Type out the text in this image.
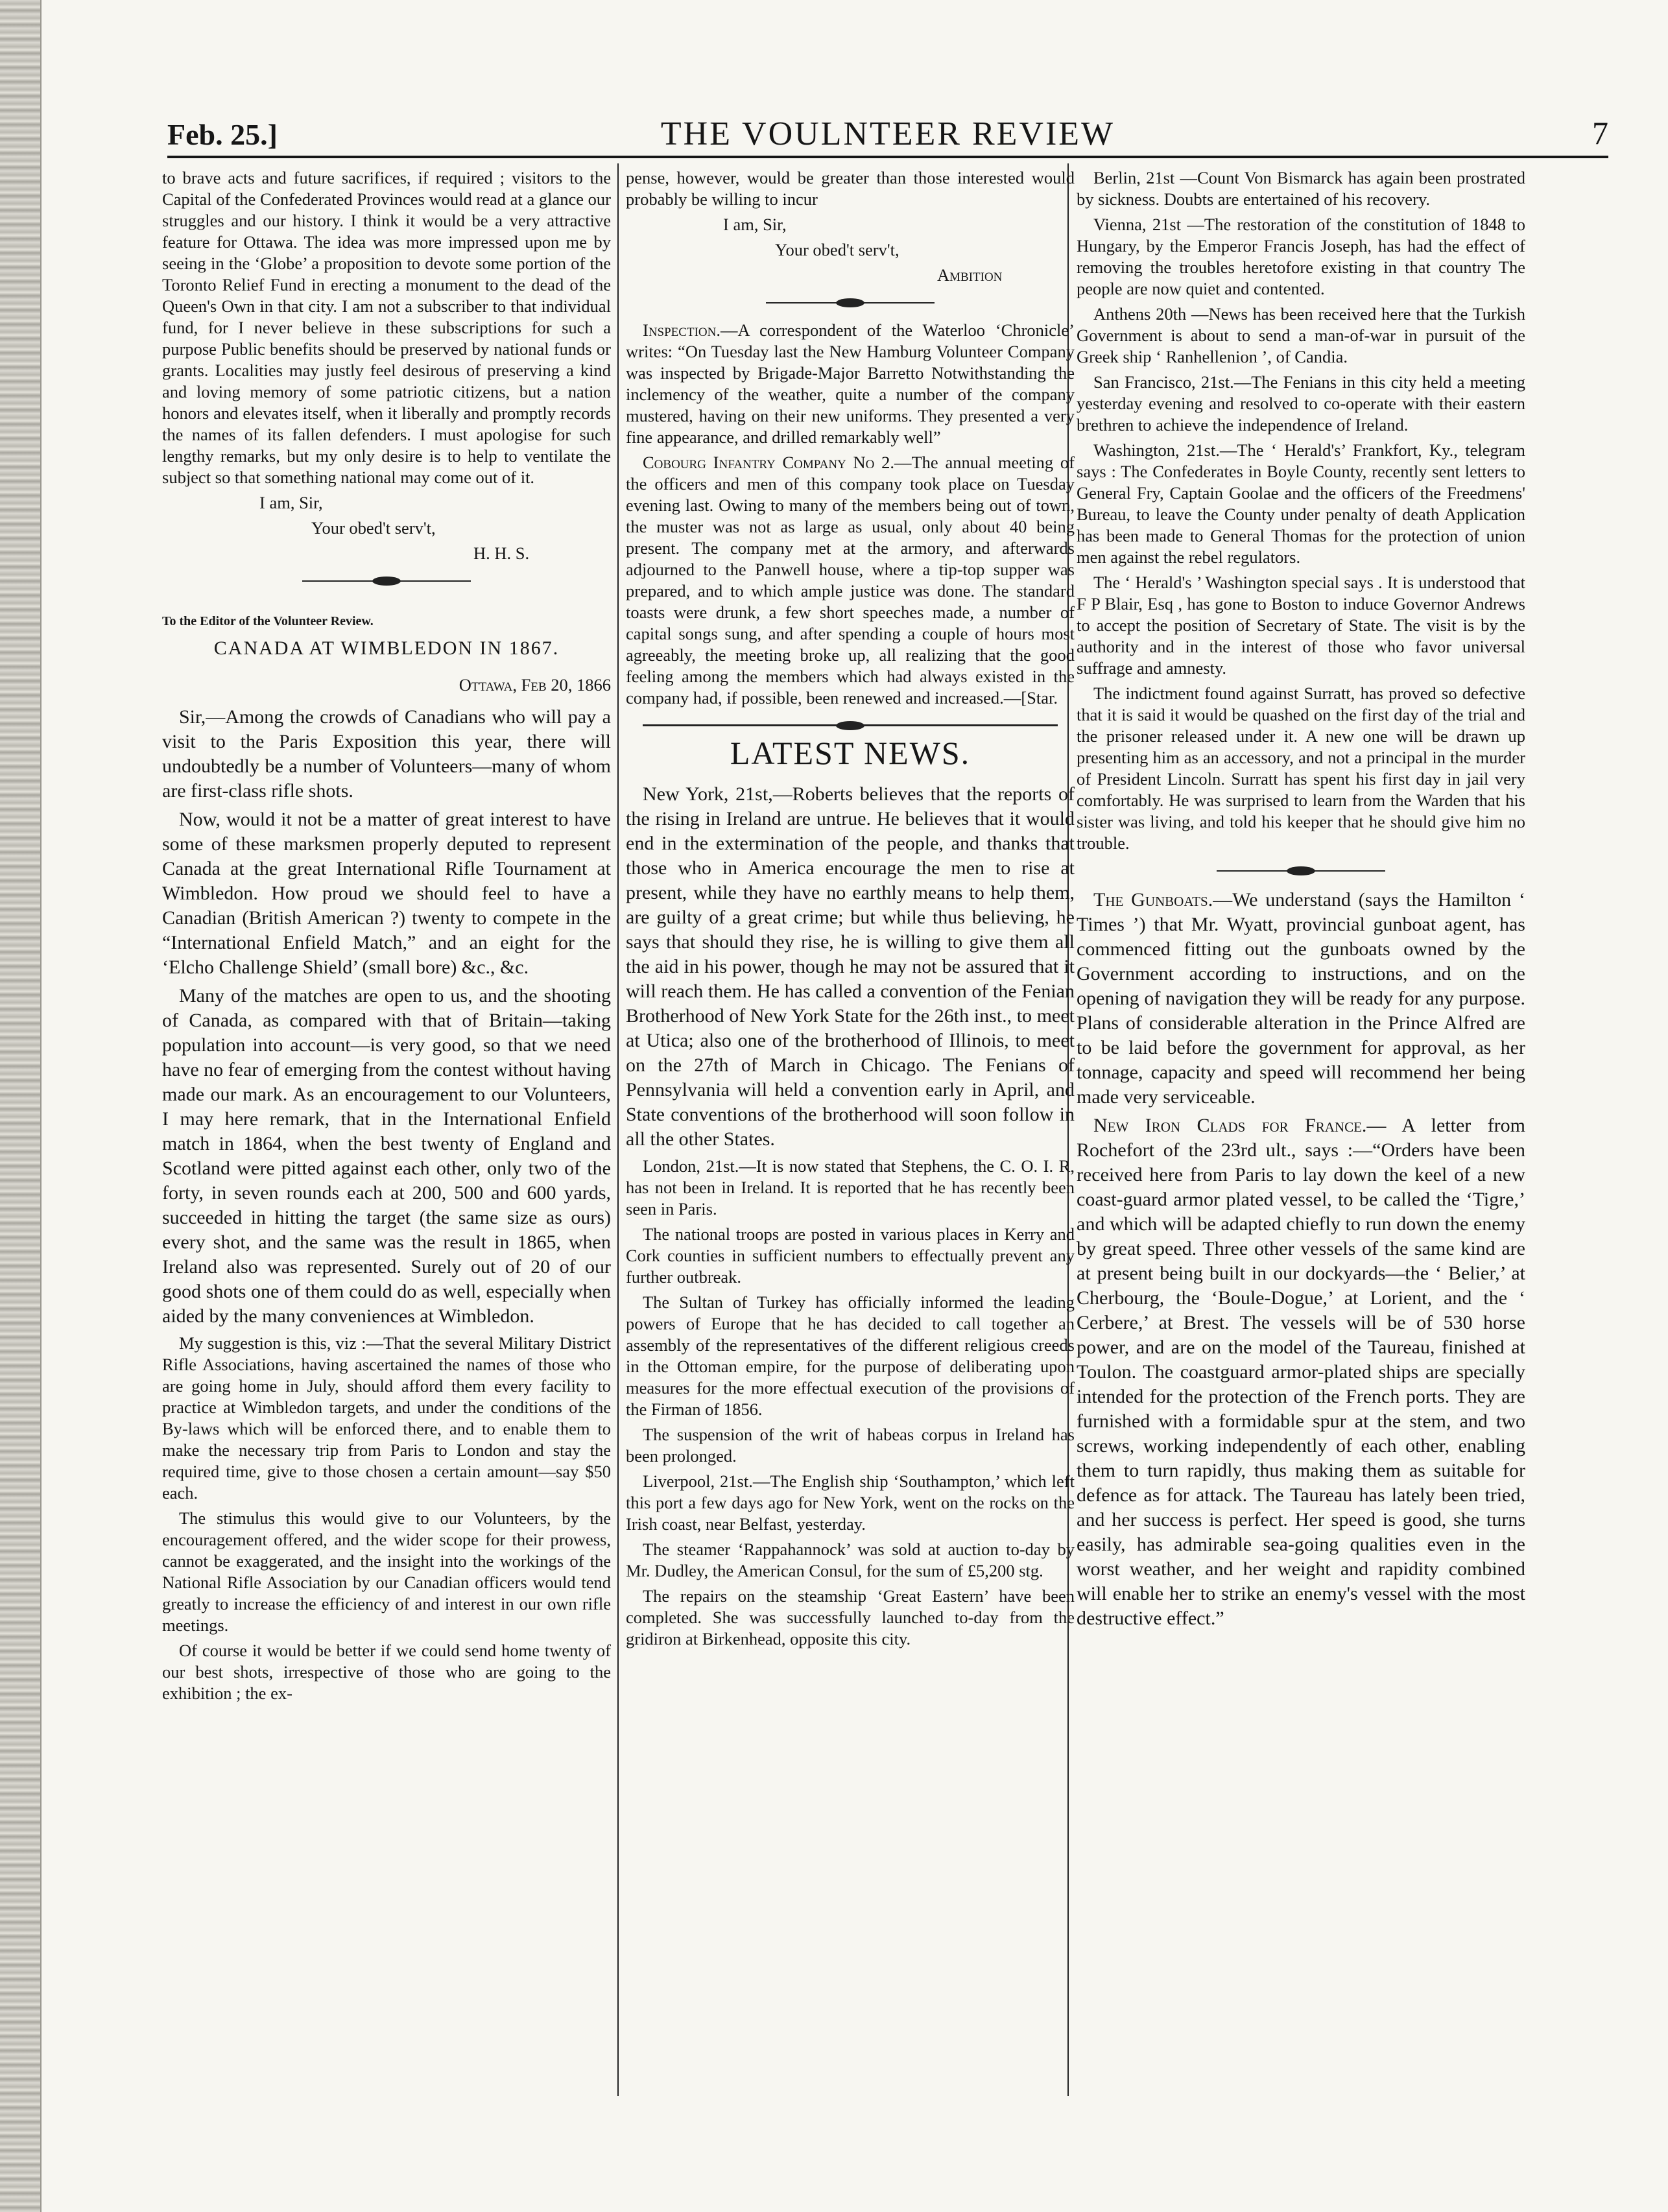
Feb. 25.]	THE VOULNTEER REVIEW	7

to brave acts and future sacrifices, if required ; visitors to the Capital of the Confederated Provinces would read at a glance our struggles and our history. I think it would be a very attractive feature for Ottawa. The idea was more impressed upon me by seeing in the ‘Globe’ a proposition to devote some portion of the Toronto Relief Fund in erecting a monument to the dead of the Queen's Own in that city. I am not a subscriber to that individual fund, for I never believe in these subscriptions for such a purpose Public benefits should be preserved by national funds or grants. Localities may justly feel desirous of preserving a kind and loving memory of some patriotic citizens, but a nation honors and elevates itself, when it liberally and promptly records the names of its fallen defenders. I must apologise for such lengthy remarks, but my only desire is to help to ventilate the subject so that something national may come out of it.

I am, Sir,

Your obed't serv't,

H. H. S.

To the Editor of the Volunteer Review.

CANADA AT WIMBLEDON IN 1867.

Ottawa, Feb 20, 1866

Sir,—Among the crowds of Canadians who will pay a visit to the Paris Exposition this year, there will undoubtedly be a number of Volunteers—many of whom are first-class rifle shots.

Now, would it not be a matter of great interest to have some of these marksmen properly deputed to represent Canada at the great International Rifle Tournament at Wimbledon. How proud we should feel to have a Canadian (British American ?) twenty to compete in the “International Enfield Match,” and an eight for the ‘Elcho Challenge Shield’ (small bore) &c., &c.

Many of the matches are open to us, and the shooting of Canada, as compared with that of Britain—taking population into account—is very good, so that we need have no fear of emerging from the contest without having made our mark. As an encouragement to our Volunteers, I may here remark, that in the International Enfield match in 1864, when the best twenty of England and Scotland were pitted against each other, only two of the forty, in seven rounds each at 200, 500 and 600 yards, succeeded in hitting the target (the same size as ours) every shot, and the same was the result in 1865, when Ireland also was represented. Surely out of 20 of our good shots one of them could do as well, especially when aided by the many conveniences at Wimbledon.

My suggestion is this, viz :—That the several Military District Rifle Associations, having ascertained the names of those who are going home in July, should afford them every facility to practice at Wimbledon targets, and under the conditions of the By-laws which will be enforced there, and to enable them to make the necessary trip from Paris to London and stay the required time, give to those chosen a certain amount—say $50 each.

The stimulus this would give to our Volunteers, by the encouragement offered, and the wider scope for their prowess, cannot be exaggerated, and the insight into the workings of the National Rifle Association by our Canadian officers would tend greatly to increase the efficiency of and interest in our own rifle meetings.

Of course it would be better if we could send home twenty of our best shots, irrespective of those who are going to the exhibition ; the ex-

pense, however, would be greater than those interested would probably be willing to incur

I am, Sir,

Your obed't serv't,

Ambition

Inspection.—A correspondent of the Waterloo ‘Chronicle’ writes: “On Tuesday last the New Hamburg Volunteer Company was inspected by Brigade-Major Barretto Notwithstanding the inclemency of the weather, quite a number of the company mustered, having on their new uniforms. They presented a very fine appearance, and drilled remarkably well”

Cobourg Infantry Company No 2.—The annual meeting of the officers and men of this company took place on Tuesday evening last. Owing to many of the members being out of town, the muster was not as large as usual, only about 40 being present. The company met at the armory, and afterwards adjourned to the Panwell house, where a tip-top supper was prepared, and to which ample justice was done. The standard toasts were drunk, a few short speeches made, a number of capital songs sung, and after spending a couple of hours most agreeably, the meeting broke up, all realizing that the good feeling among the members which had always existed in the company had, if possible, been renewed and increased.—[Star.

LATEST NEWS.

New York, 21st,—Roberts believes that the reports of the rising in Ireland are untrue. He believes that it would end in the extermination of the people, and thanks that those who in America encourage the men to rise at present, while they have no earthly means to help them, are guilty of a great crime; but while thus believing, he says that should they rise, he is willing to give them all the aid in his power, though he may not be assured that it will reach them. He has called a convention of the Fenian Brotherhood of New York State for the 26th inst., to meet at Utica; also one of the brotherhood of Illinois, to meet on the 27th of March in Chicago. The Fenians of Pennsylvania will held a convention early in April, and State conventions of the brotherhood will soon follow in all the other States.

London, 21st.—It is now stated that Stephens, the C. O. I. R, has not been in Ireland. It is reported that he has recently been seen in Paris.

The national troops are posted in various places in Kerry and Cork counties in sufficient numbers to effectually prevent any further outbreak.

The Sultan of Turkey has officially informed the leading powers of Europe that he has decided to call together an assembly of the representatives of the different religious creeds in the Ottoman empire, for the purpose of deliberating upon measures for the more effectual execution of the provisions of the Firman of 1856.

The suspension of the writ of habeas corpus in Ireland has been prolonged.

Liverpool, 21st.—The English ship ‘Southampton,’ which left this port a few days ago for New York, went on the rocks on the Irish coast, near Belfast, yesterday.

The steamer ‘Rappahannock’ was sold at auction to-day by Mr. Dudley, the American Consul, for the sum of £5,200 stg.

The repairs on the steamship ‘Great Eastern’ have been completed. She was successfully launched to-day from the gridiron at Birkenhead, opposite this city.

Berlin, 21st —Count Von Bismarck has again been prostrated by sickness. Doubts are entertained of his recovery.

Vienna, 21st —The restoration of the constitution of 1848 to Hungary, by the Emperor Francis Joseph, has had the effect of removing the troubles heretofore existing in that country The people are now quiet and contented.

Anthens 20th —News has been received here that the Turkish Government is about to send a man-of-war in pursuit of the Greek ship ‘ Ranhellenion ’, of Candia.

San Francisco, 21st.—The Fenians in this city held a meeting yesterday evening and resolved to co-operate with their eastern brethren to achieve the independence of Ireland.

Washington, 21st.—The ‘ Herald's’ Frankfort, Ky., telegram says : The Confederates in Boyle County, recently sent letters to General Fry, Captain Goolae and the officers of the Freedmens' Bureau, to leave the County under penalty of death Application has been made to General Thomas for the protection of union men against the rebel regulators.

The ‘ Herald's ’ Washington special says . It is understood that F P Blair, Esq , has gone to Boston to induce Governor Andrews to accept the position of Secretary of State. The visit is by the authority and in the interest of those who favor universal suffrage and amnesty.

The indictment found against Surratt, has proved so defective that it is said it would be quashed on the first day of the trial and the prisoner released under it. A new one will be drawn up presenting him as an accessory, and not a principal in the murder of President Lincoln. Surratt has spent his first day in jail very comfortably. He was surprised to learn from the Warden that his sister was living, and told his keeper that he should give him no trouble.

The Gunboats.—We understand (says the Hamilton ‘ Times ’) that Mr. Wyatt, provincial gunboat agent, has commenced fitting out the gunboats owned by the Government according to instructions, and on the opening of navigation they will be ready for any purpose. Plans of considerable alteration in the Prince Alfred are to be laid before the government for approval, as her tonnage, capacity and speed will recommend her being made very serviceable.

New Iron Clads for France.— A letter from Rochefort of the 23rd ult., says :—“Orders have been received here from Paris to lay down the keel of a new coast-guard armor plated vessel, to be called the ‘Tigre,’ and which will be adapted chiefly to run down the enemy by great speed. Three other vessels of the same kind are at present being built in our dockyards—the ‘ Belier,’ at Cherbourg, the ‘Boule-Dogue,’ at Lorient, and the ‘ Cerbere,’ at Brest. The vessels will be of 530 horse power, and are on the model of the Taureau, finished at Toulon. The coastguard armor-plated ships are specially intended for the protection of the French ports. They are furnished with a formidable spur at the stem, and two screws, working independently of each other, enabling them to turn rapidly, thus making them as suitable for defence as for attack. The Taureau has lately been tried, and her success is perfect. Her speed is good, she turns easily, has admirable sea-going qualities even in the worst weather, and her weight and rapidity combined will enable her to strike an enemy's vessel with the most destructive effect.”
